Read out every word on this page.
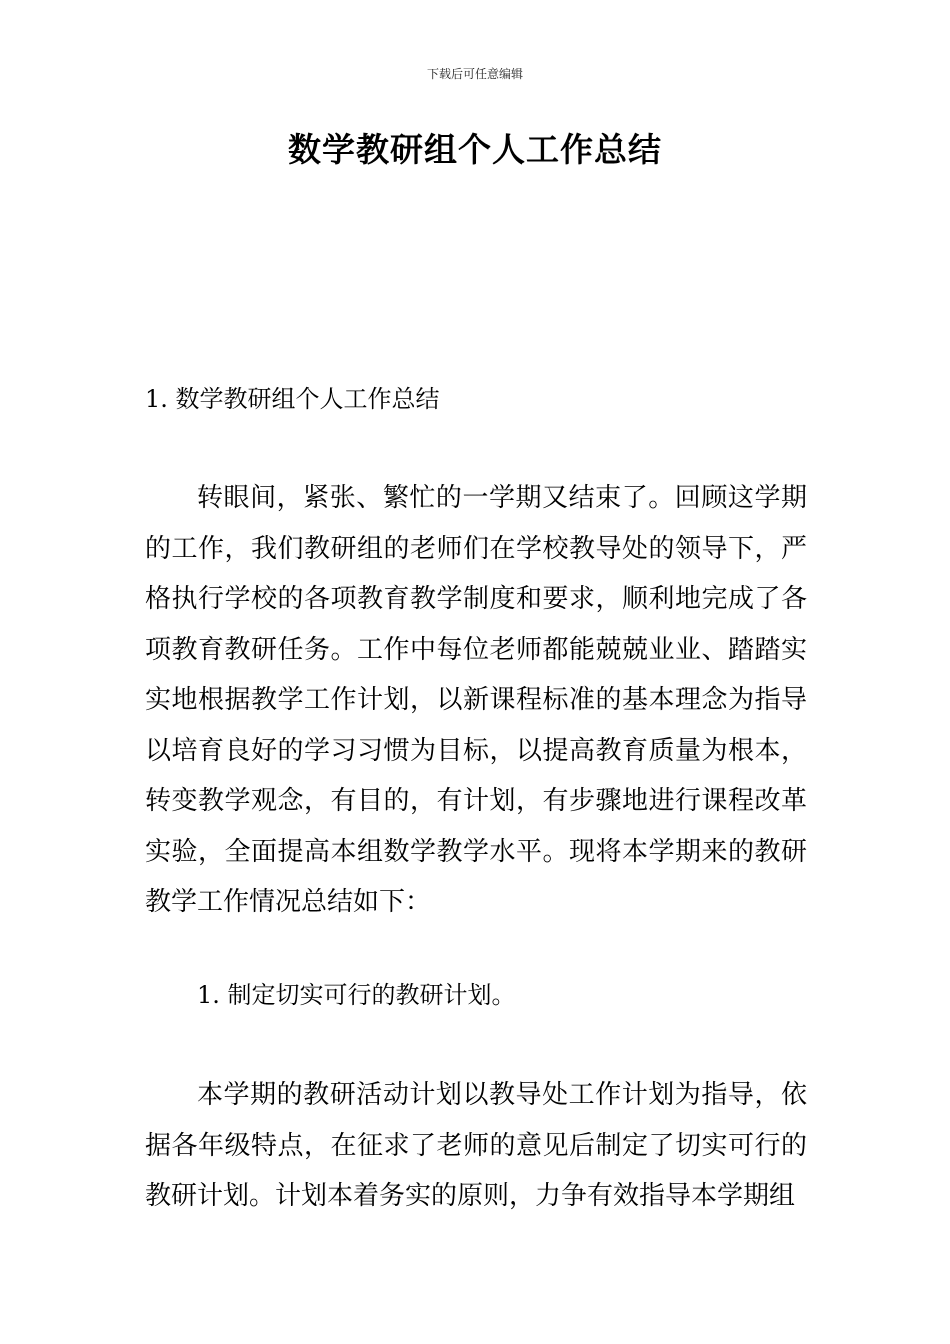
下载后可任意编辑
数学教研组个人工作总结
1. 数学教研组个人工作总结

转眼间，紧张、繁忙的一学期又结束了。回顾这学期的工作，我们教研组的老师们在学校教导处的领导下，严格执行学校的各项教育教学制度和要求，顺利地完成了各项教育教研任务。工作中每位老师都能兢兢业业、踏踏实实地根据教学工作计划，以新课程标准的基本理念为指导以培育良好的学习习惯为目标，以提高教育质量为根本，转变教学观念，有目的，有计划，有步骤地进行课程改革实验，全面提高本组数学教学水平。现将本学期来的教研教学工作情况总结如下：

1. 制定切实可行的教研计划。

本学期的教研活动计划以教导处工作计划为指导，依据各年级特点，在征求了老师的意见后制定了切实可行的教研计划。计划本着务实的原则，力争有效指导本学期组
